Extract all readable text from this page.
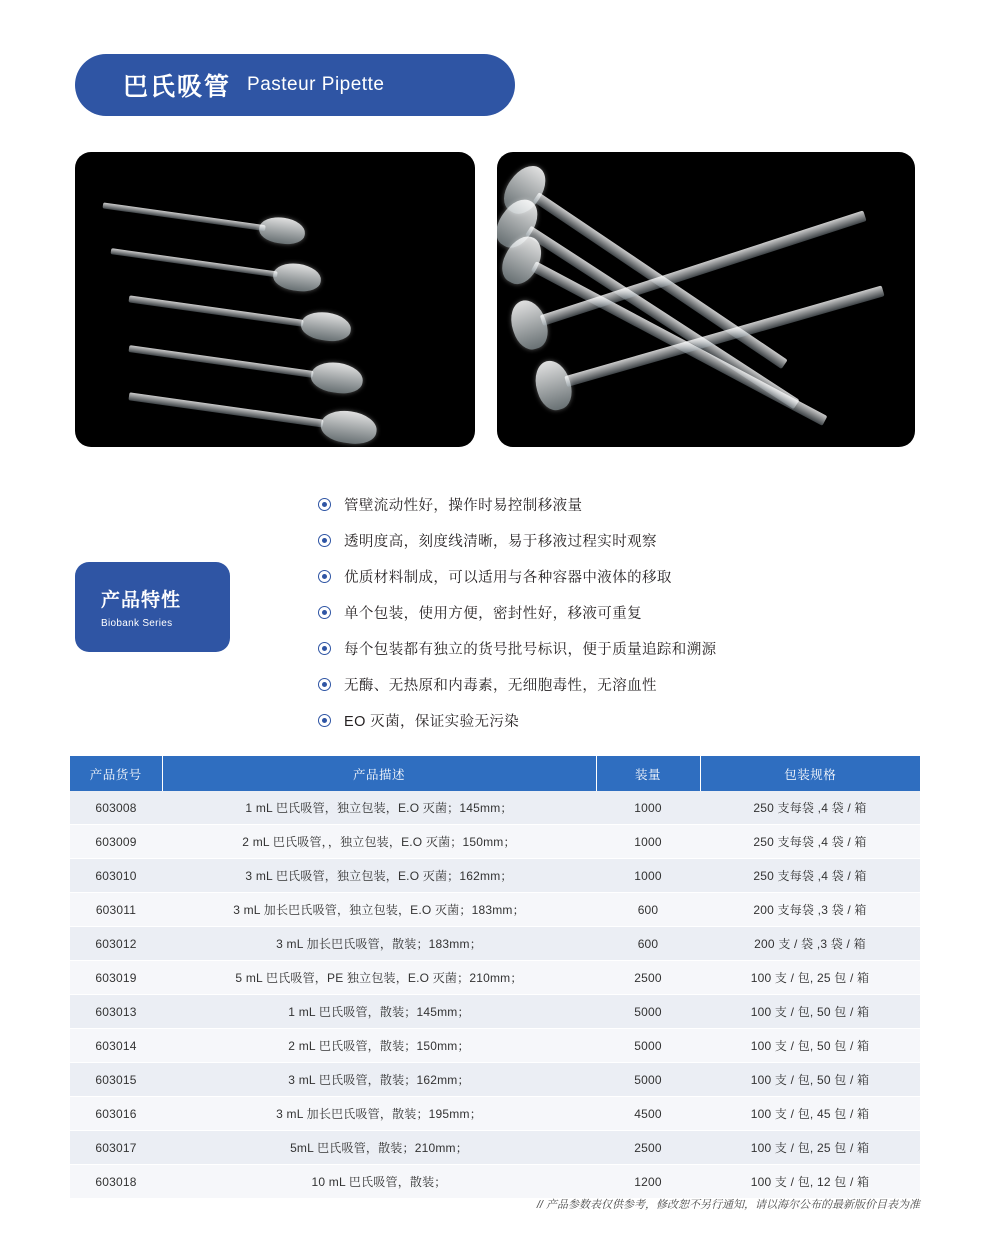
巴氏吸管 Pasteur Pipette
产品特性
Biobank Series
管壁流动性好，操作时易控制移液量
透明度高，刻度线清晰，易于移液过程实时观察
优质材料制成，可以适用与各种容器中液体的移取
单个包装，使用方便，密封性好，移液可重复
每个包装都有独立的货号批号标识，便于质量追踪和溯源
无酶、无热原和内毒素，无细胞毒性，无溶血性
EO 灭菌，保证实验无污染
产品货号	产品描述	装量	包装规格
603008	1 mL 巴氏吸管，独立包装，E.O 灭菌；145mm；	1000	250 支每袋 ,4 袋 / 箱
603009	2 mL 巴氏吸管，，独立包装，E.O 灭菌；150mm；	1000	250 支每袋 ,4 袋 / 箱
603010	3 mL 巴氏吸管，独立包装，E.O 灭菌；162mm；	1000	250 支每袋 ,4 袋 / 箱
603011	3 mL 加长巴氏吸管，独立包装，E.O 灭菌；183mm；	600	200 支每袋 ,3 袋 / 箱
603012	3 mL 加长巴氏吸管，散装；183mm；	600	200 支 / 袋 ,3 袋 / 箱
603019	5 mL 巴氏吸管，PE 独立包装，E.O 灭菌；210mm；	2500	100 支 / 包, 25 包 / 箱
603013	1 mL 巴氏吸管，散装；145mm；	5000	100 支 / 包, 50 包 / 箱
603014	2 mL 巴氏吸管，散装；150mm；	5000	100 支 / 包, 50 包 / 箱
603015	3 mL 巴氏吸管，散装；162mm；	5000	100 支 / 包, 50 包 / 箱
603016	3 mL 加长巴氏吸管，散装；195mm；	4500	100 支 / 包, 45 包 / 箱
603017	5mL 巴氏吸管，散装；210mm；	2500	100 支 / 包, 25 包 / 箱
603018	10 mL 巴氏吸管，散装；	1200	100 支 / 包, 12 包 / 箱
// 产品参数表仅供参考，修改恕不另行通知，请以海尔公布的最新版价目表为准
